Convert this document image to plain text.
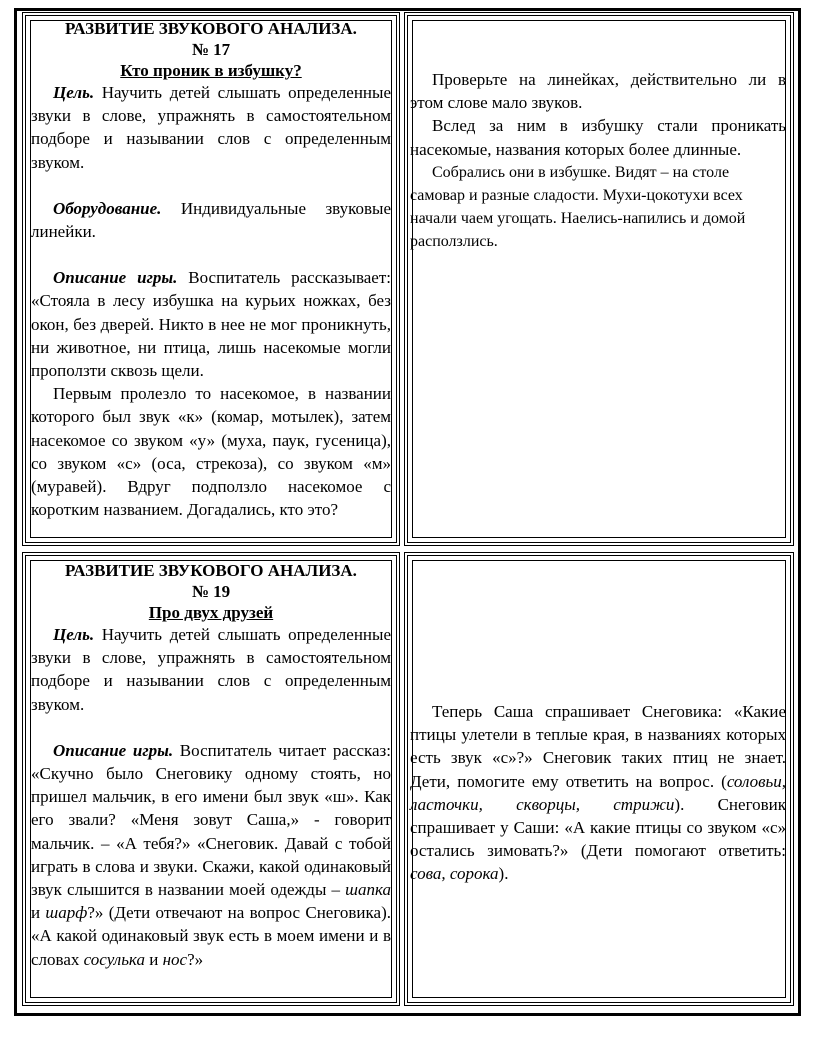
РАЗВИТИЕ ЗВУКОВОГО АНАЛИЗА.

№ 17

Кто проник в избушку?

Цель. Научить детей слышать определенные звуки в слове, упражнять в самостоятельном подборе и назывании слов с определенным звуком.

Оборудование. Индивидуальные звуковые линейки.

Описание игры. Воспитатель рассказывает: «Стояла в лесу избушка на курьих ножках, без окон, без дверей. Никто в нее не мог проникнуть, ни животное, ни птица, лишь насекомые могли проползти сквозь щели.

Первым пролезло то насекомое, в названии которого был звук «к» (комар, мотылек), затем насекомое со звуком «у» (муха, паук, гусеница), со звуком «с» (оса, стрекоза), со звуком «м» (муравей). Вдруг подползло насекомое с коротким названием. Догадались, кто это?

Проверьте на линейках, действительно ли в этом слове мало звуков.

Вслед за ним в избушку стали проникать насекомые, названия которых более длинные.

Собрались они в избушке. Видят – на столе самовар и разные сладости. Мухи-цокотухи всех начали чаем угощать. Наелись-напились и домой расползлись.

РАЗВИТИЕ ЗВУКОВОГО АНАЛИЗА.

№ 19

Про двух друзей

Цель. Научить детей слышать определенные звуки в слове, упражнять в самостоятельном подборе и назывании слов с определенным звуком.

Описание игры. Воспитатель читает рассказ: «Скучно было Снеговику одному стоять, но пришел мальчик, в его имени был звук «ш». Как его звали? «Меня зовут Саша,» - говорит мальчик. – «А тебя?» «Снеговик. Давай с тобой играть в слова и звуки. Скажи, какой одинаковый звук слышится в названии моей одежды – шапка и шарф?» (Дети отвечают на вопрос Снеговика). «А какой одинаковый звук есть в моем имени и в словах сосулька и нос?»

Теперь Саша спрашивает Снеговика: «Какие птицы улетели в теплые края, в названиях которых есть звук «с»?» Снеговик таких птиц не знает. Дети, помогите ему ответить на вопрос. (соловьи, ласточки, скворцы, стрижи). Снеговик спрашивает у Саши: «А какие птицы со звуком «с» остались зимовать?» (Дети помогают ответить: сова, сорока).
